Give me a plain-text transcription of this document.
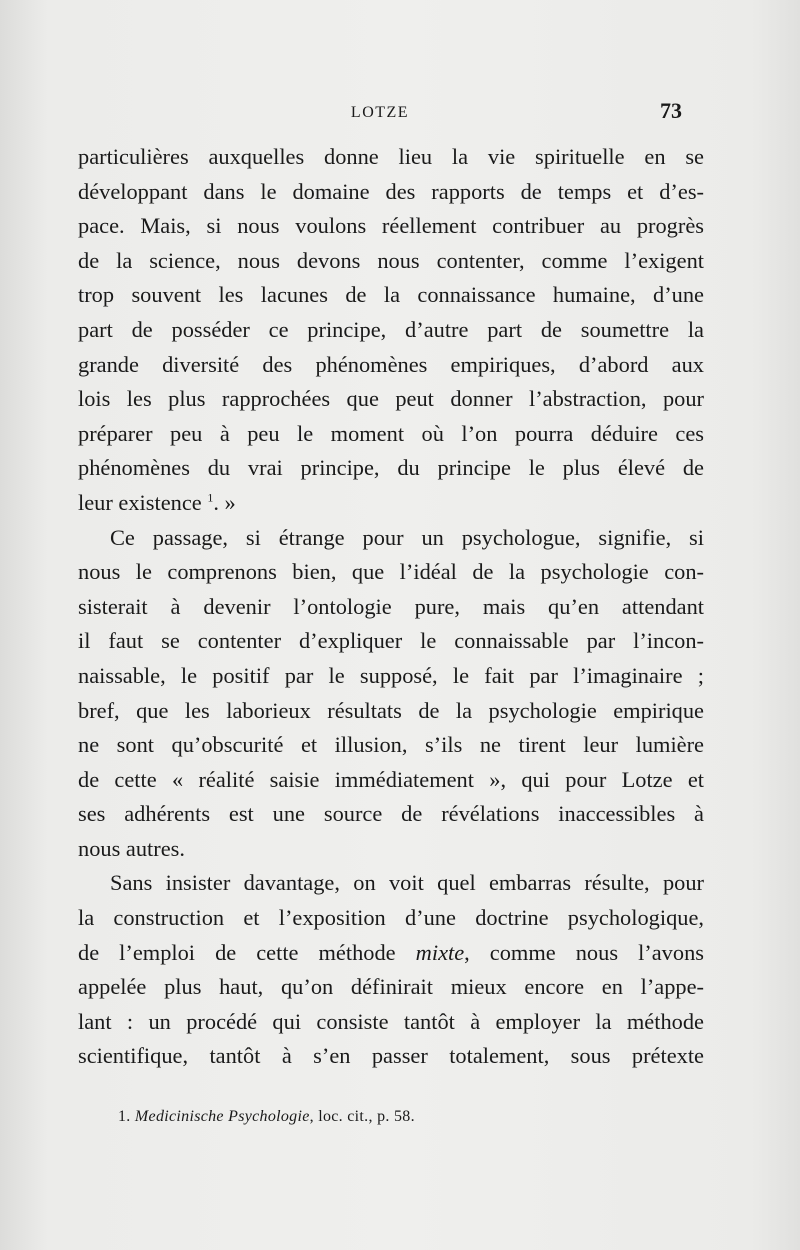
LOTZE	73
particulières auxquelles donne lieu la vie spirituelle en se
développant dans le domaine des rapports de temps et d’es-
pace. Mais, si nous voulons réellement contribuer au progrès
de la science, nous devons nous contenter, comme l’exigent
trop souvent les lacunes de la connaissance humaine, d’une
part de posséder ce principe, d’autre part de soumettre la
grande diversité des phénomènes empiriques, d’abord aux
lois les plus rapprochées que peut donner l’abstraction, pour
préparer peu à peu le moment où l’on pourra déduire ces
phénomènes du vrai principe, du principe le plus élevé de
leur existence $^1$. »
Ce passage, si étrange pour un psychologue, signifie, si
nous le comprenons bien, que l’idéal de la psychologie con-
sisterait à devenir l’ontologie pure, mais qu’en attendant
il faut se contenter d’expliquer le connaissable par l’incon-
naissable, le positif par le supposé, le fait par l’imaginaire ;
bref, que les laborieux résultats de la psychologie empirique
ne sont qu’obscurité et illusion, s’ils ne tirent leur lumière
de cette « réalité saisie immédiatement », qui pour Lotze et
ses adhérents est une source de révélations inaccessibles à
nous autres.
Sans insister davantage, on voit quel embarras résulte, pour
la construction et l’exposition d’une doctrine psychologique,
de l’emploi de cette méthode mixte, comme nous l’avons
appelée plus haut, qu’on définirait mieux encore en l’appe-
lant : un procédé qui consiste tantôt à employer la méthode
scientifique, tantôt à s’en passer totalement, sous prétexte
1. Medicinische Psychologie, loc. cit., p. 58.
